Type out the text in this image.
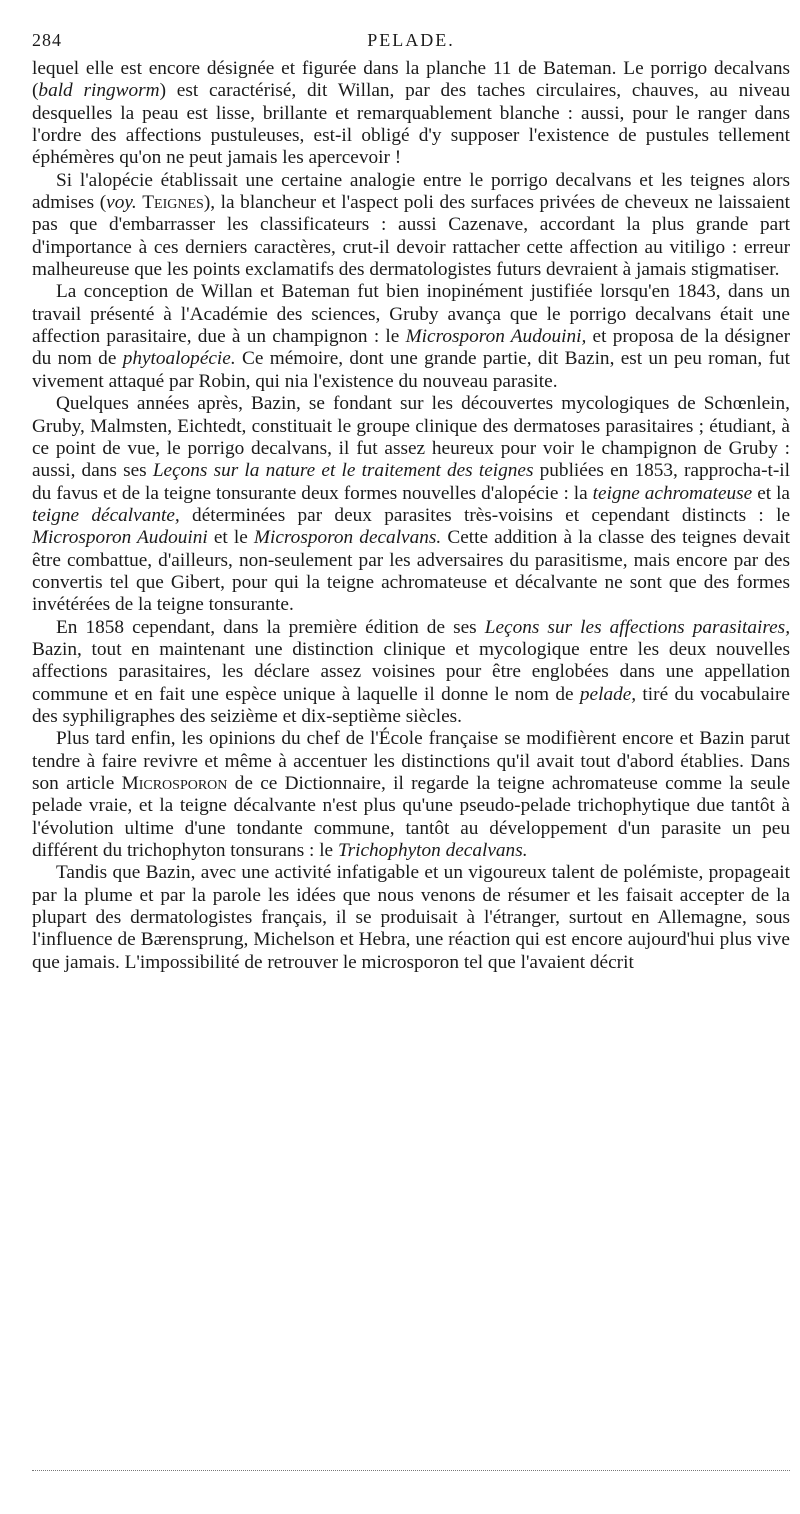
284	PELADE.

lequel elle est encore désignée et figurée dans la planche 11 de Bateman. Le porrigo decalvans (bald ringworm) est caractérisé, dit Willan, par des taches circulaires, chauves, au niveau desquelles la peau est lisse, brillante et remarquablement blanche : aussi, pour le ranger dans l'ordre des affections pustuleuses, est-il obligé d'y supposer l'existence de pustules tellement éphémères qu'on ne peut jamais les apercevoir !

Si l'alopécie établissait une certaine analogie entre le porrigo decalvans et les teignes alors admises (voy. Teignes), la blancheur et l'aspect poli des surfaces privées de cheveux ne laissaient pas que d'embarrasser les classificateurs : aussi Cazenave, accordant la plus grande part d'importance à ces derniers caractères, crut-il devoir rattacher cette affection au vitiligo : erreur malheureuse que les points exclamatifs des dermatologistes futurs devraient à jamais stigmatiser.

La conception de Willan et Bateman fut bien inopinément justifiée lorsqu'en 1843, dans un travail présenté à l'Académie des sciences, Gruby avança que le porrigo decalvans était une affection parasitaire, due à un champignon : le Microsporon Audouini, et proposa de la désigner du nom de phytoalopécie. Ce mémoire, dont une grande partie, dit Bazin, est un peu roman, fut vivement attaqué par Robin, qui nia l'existence du nouveau parasite.

Quelques années après, Bazin, se fondant sur les découvertes mycologiques de Schœnlein, Gruby, Malmsten, Eichtedt, constituait le groupe clinique des dermatoses parasitaires ; étudiant, à ce point de vue, le porrigo decalvans, il fut assez heureux pour voir le champignon de Gruby : aussi, dans ses Leçons sur la nature et le traitement des teignes publiées en 1853, rapprocha-t-il du favus et de la teigne tonsurante deux formes nouvelles d'alopécie : la teigne achromateuse et la teigne décalvante, déterminées par deux parasites très-voisins et cependant distincts : le Microsporon Audouini et le Microsporon decalvans. Cette addition à la classe des teignes devait être combattue, d'ailleurs, non-seulement par les adversaires du parasitisme, mais encore par des convertis tel que Gibert, pour qui la teigne achromateuse et décalvante ne sont que des formes invétérées de la teigne tonsurante.

En 1858 cependant, dans la première édition de ses Leçons sur les affections parasitaires, Bazin, tout en maintenant une distinction clinique et mycologique entre les deux nouvelles affections parasitaires, les déclare assez voisines pour être englobées dans une appellation commune et en fait une espèce unique à laquelle il donne le nom de pelade, tiré du vocabulaire des syphiligraphes des seizième et dix-septième siècles.

Plus tard enfin, les opinions du chef de l'École française se modifièrent encore et Bazin parut tendre à faire revivre et même à accentuer les distinctions qu'il avait tout d'abord établies. Dans son article Microsporon de ce Dictionnaire, il regarde la teigne achromateuse comme la seule pelade vraie, et la teigne décalvante n'est plus qu'une pseudo-pelade trichophytique due tantôt à l'évolution ultime d'une tondante commune, tantôt au développement d'un parasite un peu différent du trichophyton tonsurans : le Trichophyton decalvans.

Tandis que Bazin, avec une activité infatigable et un vigoureux talent de polémiste, propageait par la plume et par la parole les idées que nous venons de résumer et les faisait accepter de la plupart des dermatologistes français, il se produisait à l'étranger, surtout en Allemagne, sous l'influence de Bærensprung, Michelson et Hebra, une réaction qui est encore aujourd'hui plus vive que jamais. L'impossibilité de retrouver le microsporon tel que l'avaient décrit
